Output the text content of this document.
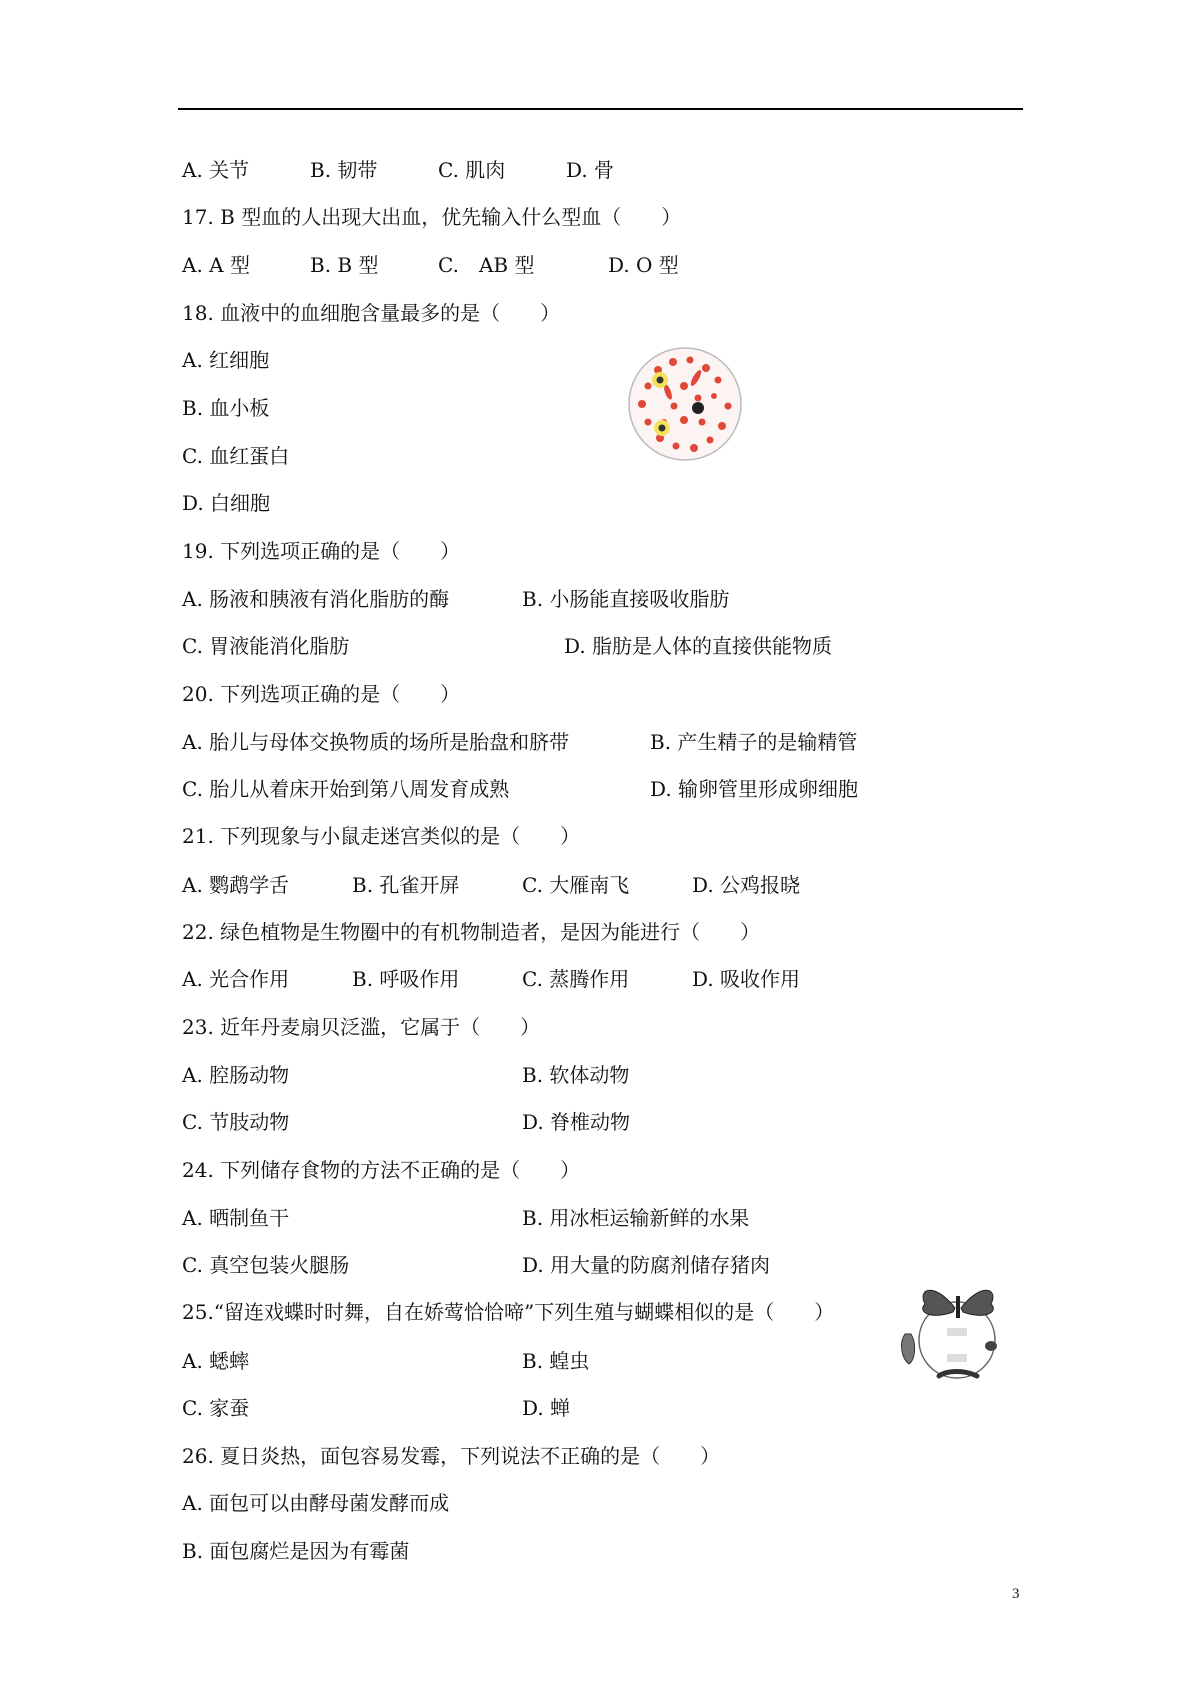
A. 关节	B. 韧带	C. 肌肉	D. 骨
17. B 型血的人出现大出血，优先输入什么型血（　　）
A. A 型	B. B 型	C.　AB 型	D. O 型
18. 血液中的血细胞含量最多的是（　　）
A. 红细胞
B. 血小板
C. 血红蛋白
D. 白细胞
19. 下列选项正确的是（　　）
A. 肠液和胰液有消化脂肪的酶	B. 小肠能直接吸收脂肪
C. 胃液能消化脂肪	D. 脂肪是人体的直接供能物质
20. 下列选项正确的是（　　）
A. 胎儿与母体交换物质的场所是胎盘和脐带	B. 产生精子的是输精管
C. 胎儿从着床开始到第八周发育成熟	D. 输卵管里形成卵细胞
21. 下列现象与小鼠走迷宫类似的是（　　）
A. 鹦鹉学舌	B. 孔雀开屏	C. 大雁南飞	D. 公鸡报晓
22. 绿色植物是生物圈中的有机物制造者，是因为能进行（　　）
A. 光合作用	B. 呼吸作用	C. 蒸腾作用	D. 吸收作用
23. 近年丹麦扇贝泛滥，它属于（　　）
A. 腔肠动物	B. 软体动物
C. 节肢动物	D. 脊椎动物
24. 下列储存食物的方法不正确的是（　　）
A. 晒制鱼干	B. 用冰柜运输新鲜的水果
C. 真空包装火腿肠	D. 用大量的防腐剂储存猪肉
25.“留连戏蝶时时舞，自在娇莺恰恰啼”下列生殖与蝴蝶相似的是（　　）
A. 蟋蟀	B. 蝗虫
C. 家蚕	D. 蝉
26. 夏日炎热，面包容易发霉，下列说法不正确的是（　　）
A. 面包可以由酵母菌发酵而成
B. 面包腐烂是因为有霉菌
3
